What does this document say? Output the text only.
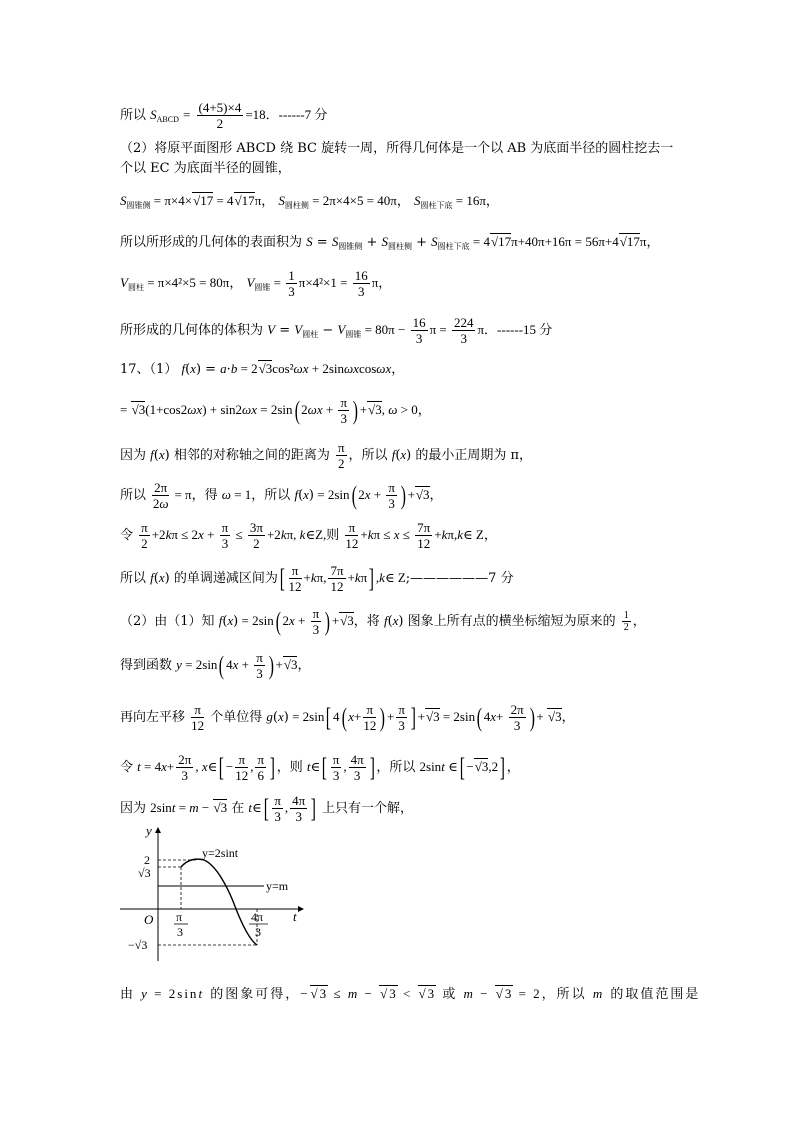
所以 $S_{ABCD} = \frac{(4+5)\times 4}{2} =18$．------7 分
（2）将原平面图形 ABCD 绕 BC 旋转一周，所得几何体是一个以 AB 为底面半径的圆柱挖去一
个以 EC 为底面半径的圆锥，
$S_{圆锥侧} = \pi\times 4\times√17 = 4√17\pi$， $S_{圆柱侧} = 2\pi\times 4\times 5 = 40\pi$， $S_{圆柱下底} = 16\pi$，
所以所形成的几何体的表面积为 $S = S_{圆锥侧} + S_{圆柱侧} + S_{圆柱下底} = 4√17\pi+40\pi+16\pi = 56\pi+4√17\pi$，
$V_{圆柱} = \pi\times 4^2\times 5 = 80\pi$， $V_{圆锥} = \frac{1}{3} \pi\times 4^2\times 1 = \frac{16}{3}$ π，
所形成的几何体的体积为 $V = V_{圆柱} - V_{圆锥} = 80\pi - \frac{16}{3}$ $\pi = \frac{224}{3}$ π．------15 分
17、（1） f(x) = a·b = 2√3cos²ωx + 2sinωxcosωx，
= √3(1+cos2ωx) + sin2ωx = 2sin( $2\omega x + \frac{\pi}{3}$ ) +√3, ω > 0，
因为 f(x) 相邻的对称轴之间的距离为 $\frac{\pi}{2}$ ，所以 f(x) 的最小正周期为 π，
所以 $\frac{2\pi}{2\omega} = \pi$，得 ω = 1，所以 f(x) = 2sin( $2x + \frac{\pi}{3}$ ) +√3，
令 $\frac{\pi}{2} +2k\pi \le 2x + \frac{\pi}{3} \le \frac{3\pi}{2} +2k\pi$, k∈Z,则 $\frac{\pi}{12} +k\pi \le x \le \frac{7\pi}{12}$ +kπ,k∈ Z，
所以 f(x) 的单调递减区间为[ $\frac{\pi}{12} +k\pi$, $\frac{7\pi}{12} +k\pi$] ,k∈ Z;——————7 分
（2）由（1）知 f(x) = 2sin( $2x + \frac{\pi}{3}$ ) +√3，将 f(x) 图象上所有点的横坐标缩短为原来的 $\frac{1}{2}$ ，
得到函数 y = 2sin( $4x + \frac{\pi}{3}$ ) +√3，
再向左平移 $\frac{\pi}{12}$ 个单位得 g(x) = 2sin[ 4( $x+ \frac{\pi}{12}$ ) + $\frac{\pi}{3}$ ] +√3 = 2sin( $4x+ \frac{2\pi}{3}$ ) + √3，
令 $t = 4x+ \frac{2\pi}{3}$ , x∈[ − $\frac{\pi}{12}$ , $\frac{\pi}{6}$ ] ，则 t∈[ $\frac{\pi}{3}$ , $\frac{4\pi}{3}$ ] ，所以 2sint ∈[ −√3,2] ，
因为 2sint = m − √3 在 t∈[ $\frac{\pi}{3}$ , $\frac{4\pi}{3}$ ] 上只有一个解，
y
t
O
y=2sint
y=m
2
√3
−√3
π
3
4π
3
由 y = 2sint 的图象可得，−√3 ≤ m − √3 < √3 或 m − √3 = 2，所以 m 的取值范围是
